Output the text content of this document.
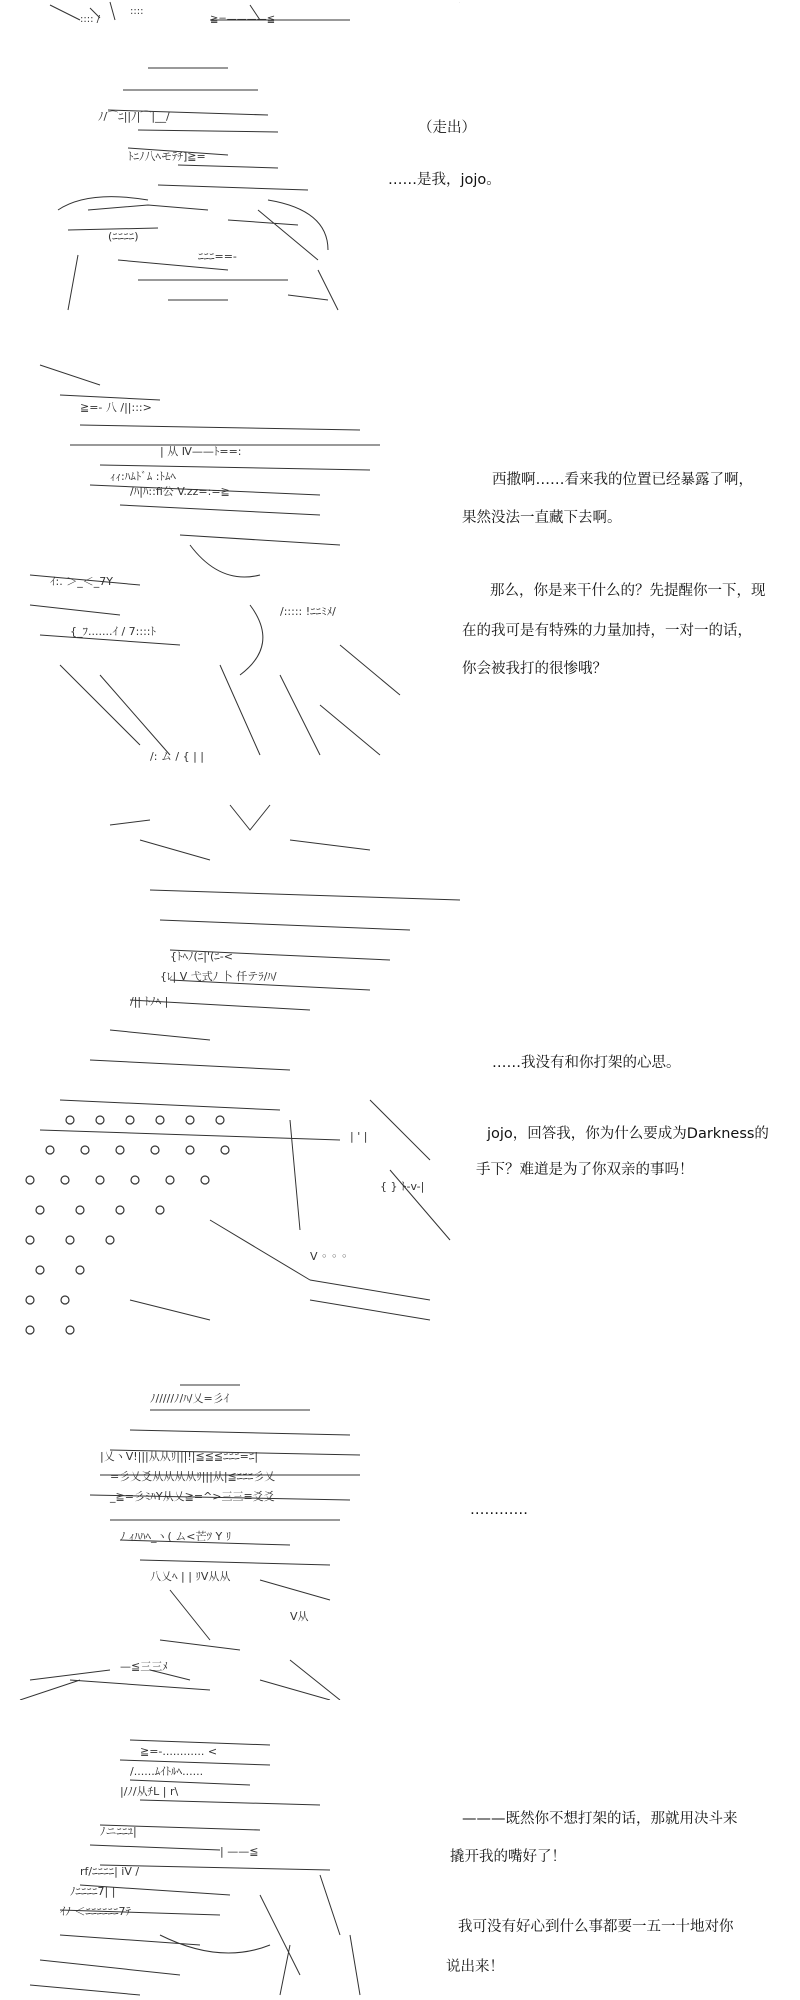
::::
:::: /	≧=————≦
ﾉ/⌒ﾆ||ﾉ|⌒|__/
ﾄﾆﾉ八ﾍモﾃﾁ]≧=
(ﾆﾆﾆﾆ)
ﾆﾆﾆ==-
（走出）
……是我，jojo。
≧=- 八 /||:::>
| 从 Ⅳ——ﾄ==:
ｨｨ:ﾊﾑﾄﾞﾑ :ﾄﾑﾍ
/ﾊ|ﾊ::fi公 V.zz=:=≧
ｲ:. ＞_＜_7Y
{_ﾌ.......ｲ / 7::::ﾄ
/::::: !ﾆﾆﾐﾒ/
/: ム / { | |
西撒啊……看来我的位置已经暴露了啊，
果然没法一直藏下去啊。
那么，你是来干什么的？先提醒你一下，现
在的我可是有特殊的力量加持，一对一的话，
你会被我打的很惨哦？
{ﾄﾍﾉ(ﾆ|'(ﾆ-<
{ﾚ| V 弋式ﾉ 卜 仟テﾗ/ﾊ/
/|| ﾄﾉﾍ |
| ' |
{ } ﾄ-v-|
V ◦ ◦ ◦
……我没有和你打架的心思。
jojo，回答我，你为什么要成为Darkness的
手下？难道是为了你双亲的事吗！
ﾉ/////ﾉ/ﾊ/乂=彡ｲ
|乂ヽV!|||从从ﾘ|||!|≦≦≦ﾆﾆﾆ=ﾆ|
=彡乂爻从从从从ﾘ|||从|≦ﾆﾆﾆ彡乂
_≧=彡ﾐﾊY从乂≧=^>三三≡爻爻
ﾉ ｨﾊﾊﾍ_ヽ( ム<芒ﾂ Y ﾘ
八乂ﾍ | | ﾘV从从
V从
—≦三三ﾒ
…………
≧=-............ <
/......ﾑｲﾄﾙﾍ......
|/ﾉ/从ﾁL | r\
ﾉニﾆﾆﾕ|
rf/ﾆﾆﾆﾆ| iV /
ﾉﾆﾆﾆﾆ7| |
ｲﾉ ＜ﾆﾆﾆﾆﾆﾆ7ﾃ
| ——≦
———既然你不想打架的话，那就用决斗来
撬开我的嘴好了！
我可没有好心到什么事都要一五一十地对你
说出来！
